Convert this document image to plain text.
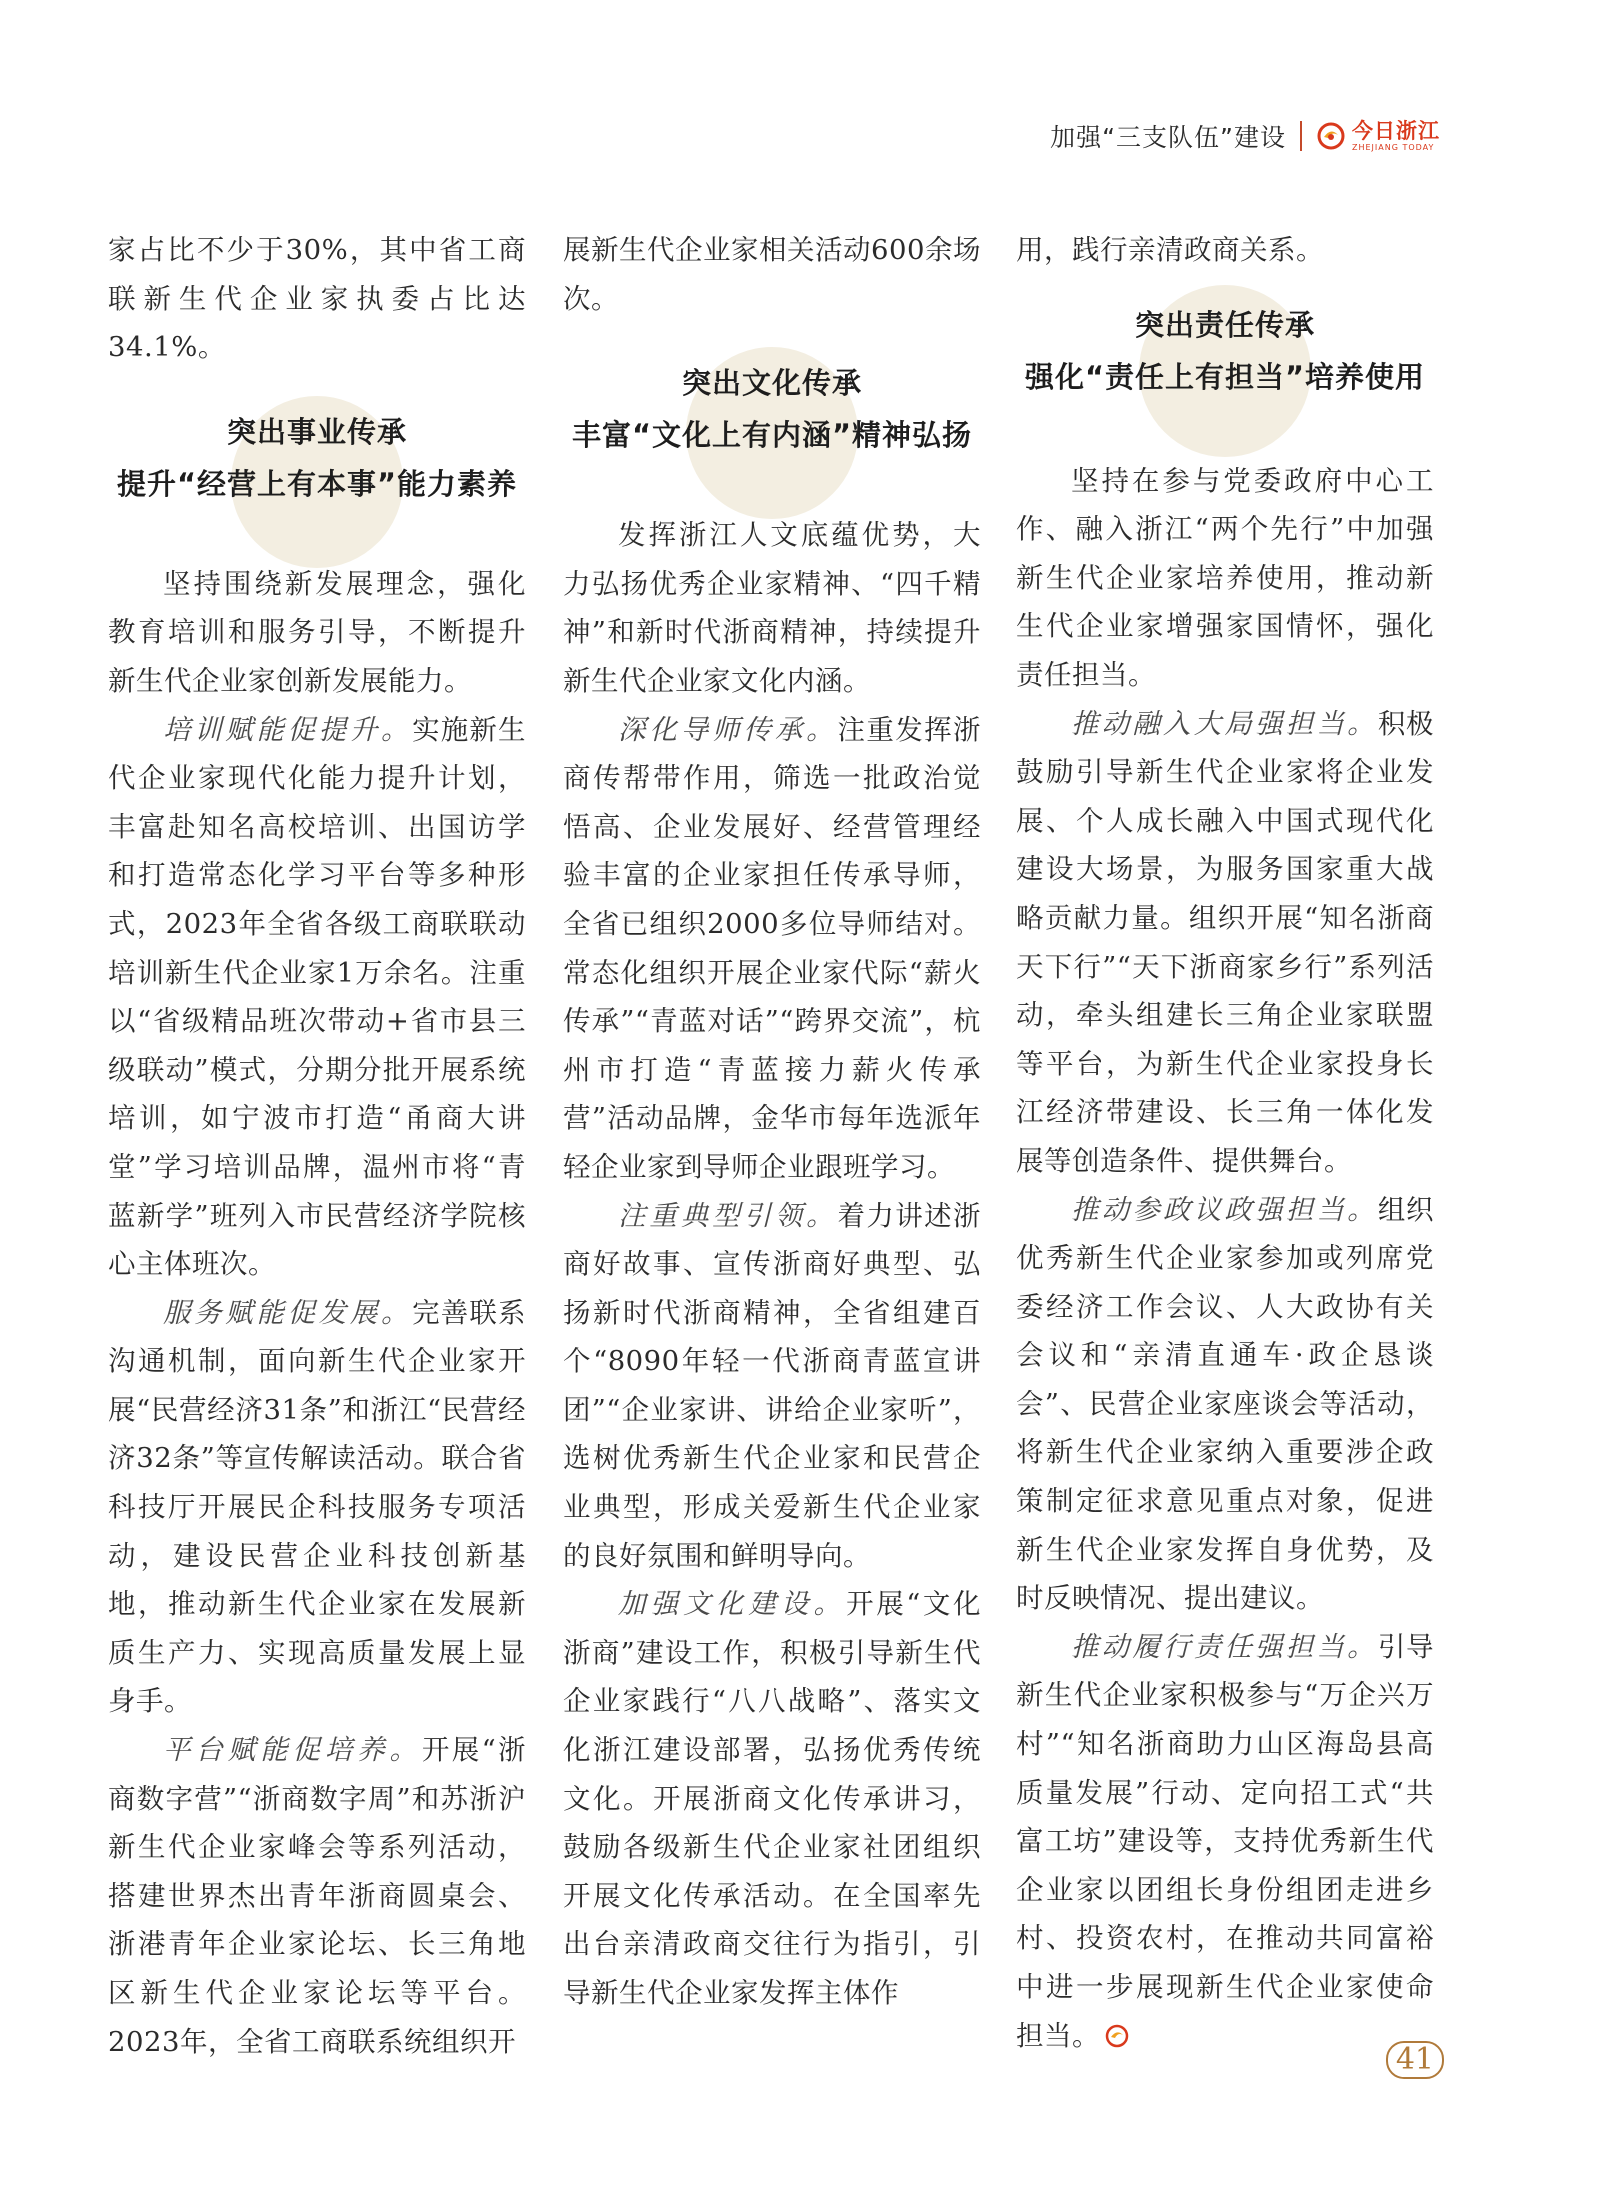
加强“三支队伍”建设	今日浙江
ZHEJIANG TODAY

家占比不少于30%，其中省工商联新生代企业家执委占比达34.1%。

突出事业传承
提升“经营上有本事”能力素养

坚持围绕新发展理念，强化教育培训和服务引导，不断提升新生代企业家创新发展能力。

培训赋能促提升。实施新生代企业家现代化能力提升计划，丰富赴知名高校培训、出国访学和打造常态化学习平台等多种形式，2023年全省各级工商联联动培训新生代企业家1万余名。注重以“省级精品班次带动+省市县三级联动”模式，分期分批开展系统培训，如宁波市打造“甬商大讲堂”学习培训品牌，温州市将“青蓝新学”班列入市民营经济学院核心主体班次。

服务赋能促发展。完善联系沟通机制，面向新生代企业家开展“民营经济31条”和浙江“民营经济32条”等宣传解读活动。联合省科技厅开展民企科技服务专项活动，建设民营企业科技创新基地，推动新生代企业家在发展新质生产力、实现高质量发展上显身手。

平台赋能促培养。开展“浙商数字营”“浙商数字周”和苏浙沪新生代企业家峰会等系列活动，搭建世界杰出青年浙商圆桌会、浙港青年企业家论坛、长三角地区新生代企业家论坛等平台。2023年，全省工商联系统组织开

展新生代企业家相关活动600余场次。

突出文化传承
丰富“文化上有内涵”精神弘扬

发挥浙江人文底蕴优势，大力弘扬优秀企业家精神、“四千精神”和新时代浙商精神，持续提升新生代企业家文化内涵。

深化导师传承。注重发挥浙商传帮带作用，筛选一批政治觉悟高、企业发展好、经营管理经验丰富的企业家担任传承导师，全省已组织2000多位导师结对。常态化组织开展企业家代际“薪火传承”“青蓝对话”“跨界交流”，杭州市打造“青蓝接力薪火传承营”活动品牌，金华市每年选派年轻企业家到导师企业跟班学习。

注重典型引领。着力讲述浙商好故事、宣传浙商好典型、弘扬新时代浙商精神，全省组建百个“8090年轻一代浙商青蓝宣讲团”“企业家讲、讲给企业家听”，选树优秀新生代企业家和民营企业典型，形成关爱新生代企业家的良好氛围和鲜明导向。

加强文化建设。开展“文化浙商”建设工作，积极引导新生代企业家践行“八八战略”、落实文化浙江建设部署，弘扬优秀传统文化。开展浙商文化传承讲习，鼓励各级新生代企业家社团组织开展文化传承活动。在全国率先出台亲清政商交往行为指引，引导新生代企业家发挥主体作

用，践行亲清政商关系。

突出责任传承
强化“责任上有担当”培养使用

坚持在参与党委政府中心工作、融入浙江“两个先行”中加强新生代企业家培养使用，推动新生代企业家增强家国情怀，强化责任担当。

推动融入大局强担当。积极鼓励引导新生代企业家将企业发展、个人成长融入中国式现代化建设大场景，为服务国家重大战略贡献力量。组织开展“知名浙商天下行”“天下浙商家乡行”系列活动，牵头组建长三角企业家联盟等平台，为新生代企业家投身长江经济带建设、长三角一体化发展等创造条件、提供舞台。

推动参政议政强担当。组织优秀新生代企业家参加或列席党委经济工作会议、人大政协有关会议和“亲清直通车·政企恳谈会”、民营企业家座谈会等活动，将新生代企业家纳入重要涉企政策制定征求意见重点对象，促进新生代企业家发挥自身优势，及时反映情况、提出建议。

推动履行责任强担当。引导新生代企业家积极参与“万企兴万村”“知名浙商助力山区海岛县高质量发展”行动、定向招工式“共富工坊”建设等，支持优秀新生代企业家以团组长身份组团走进乡村、投资农村，在推动共同富裕中进一步展现新生代企业家使命担当。

41
